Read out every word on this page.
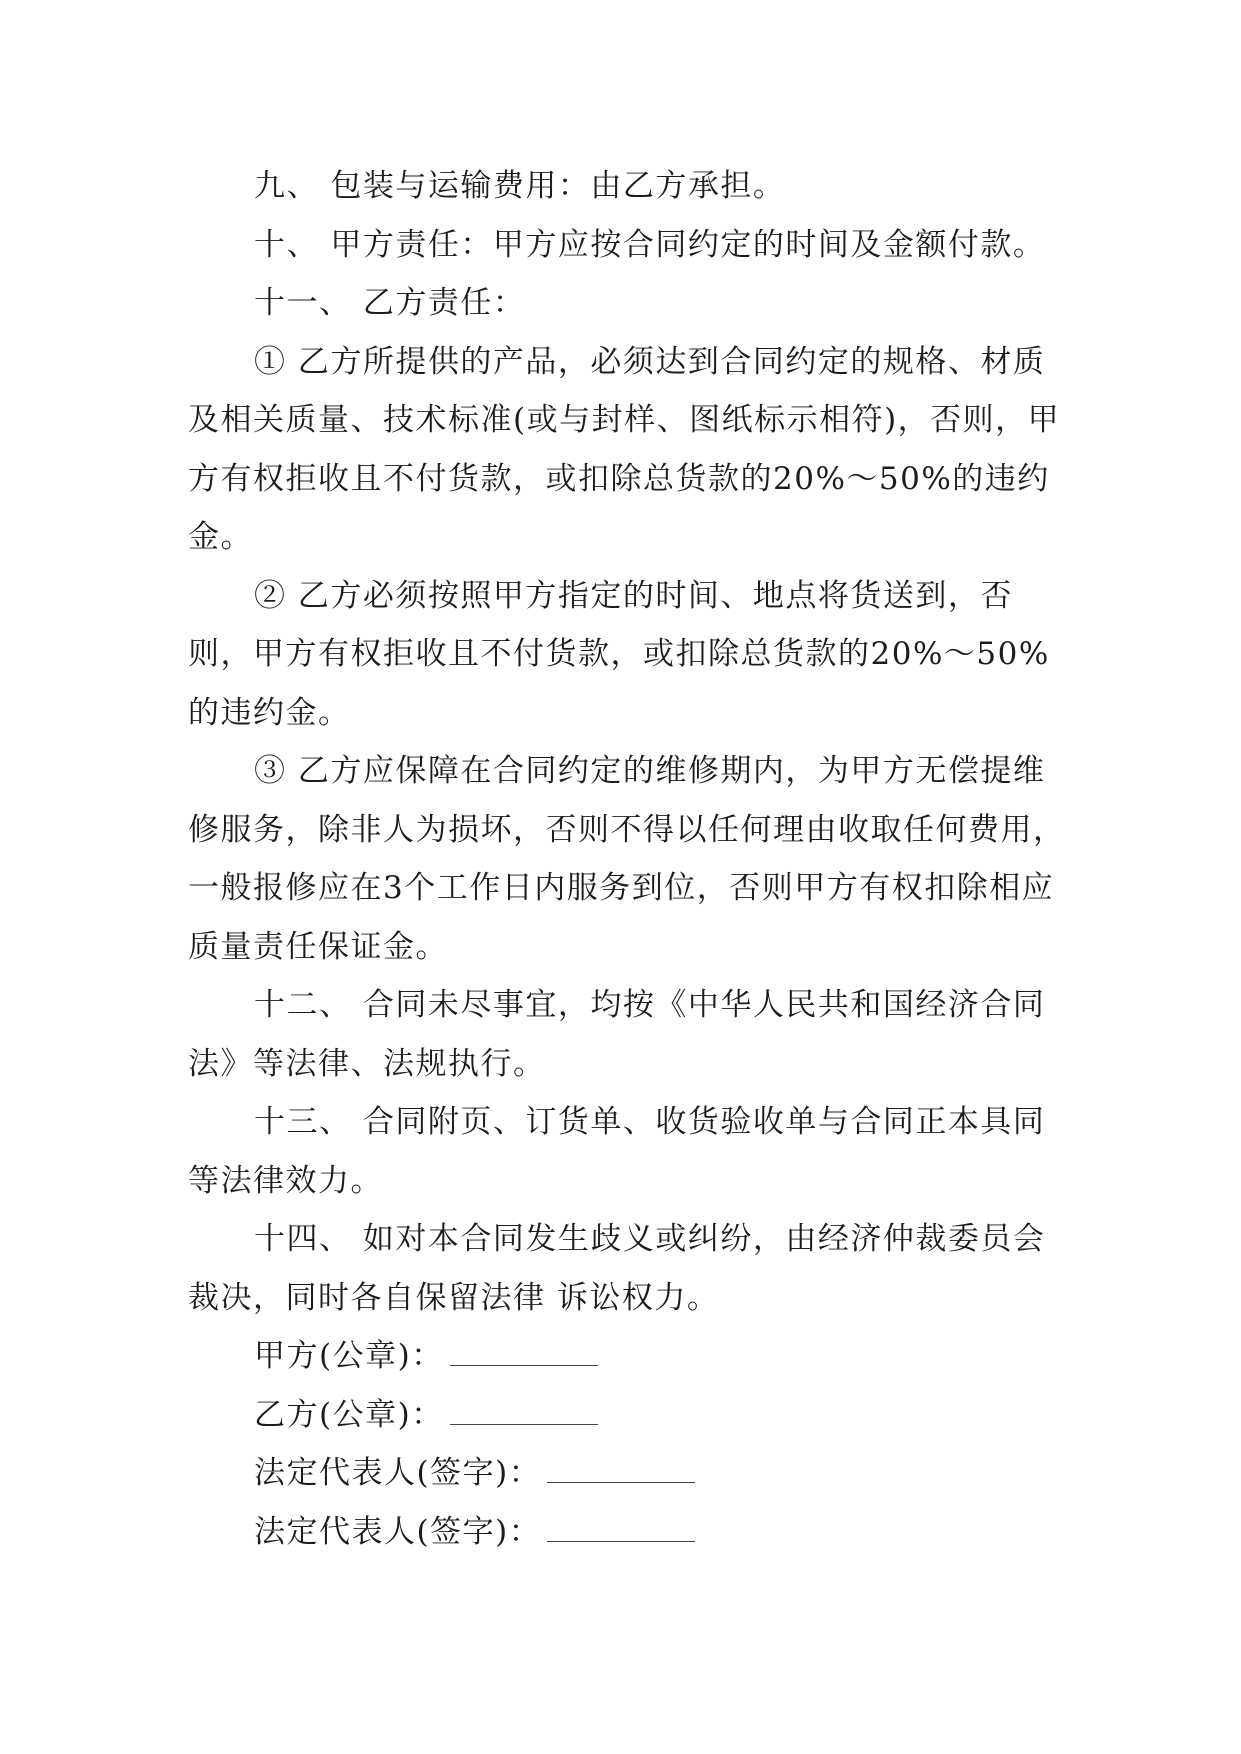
九、 包装与运输费用：由乙方承担。

十、 甲方责任：甲方应按合同约定的时间及金额付款。

十一、 乙方责任：

① 乙方所提供的产品，必须达到合同约定的规格、材质及相关质量、技术标准(或与封样、图纸标示相符)，否则，甲方有权拒收且不付货款，或扣除总货款的20%～50%的违约金。

② 乙方必须按照甲方指定的时间、地点将货送到，否则，甲方有权拒收且不付货款，或扣除总货款的20%～50%的违约金。

③ 乙方应保障在合同约定的维修期内，为甲方无偿提维修服务，除非人为损坏，否则不得以任何理由收取任何费用，一般报修应在3个工作日内服务到位，否则甲方有权扣除相应质量责任保证金。

十二、 合同未尽事宜，均按《中华人民共和国经济合同法》等法律、法规执行。

十三、 合同附页、订货单、收货验收单与合同正本具同等法律效力。

十四、 如对本合同发生歧义或纠纷，由经济仲裁委员会裁决，同时各自保留法律 诉讼权力。

甲方(公章)：

乙方(公章)：

法定代表人(签字)：

法定代表人(签字)：
